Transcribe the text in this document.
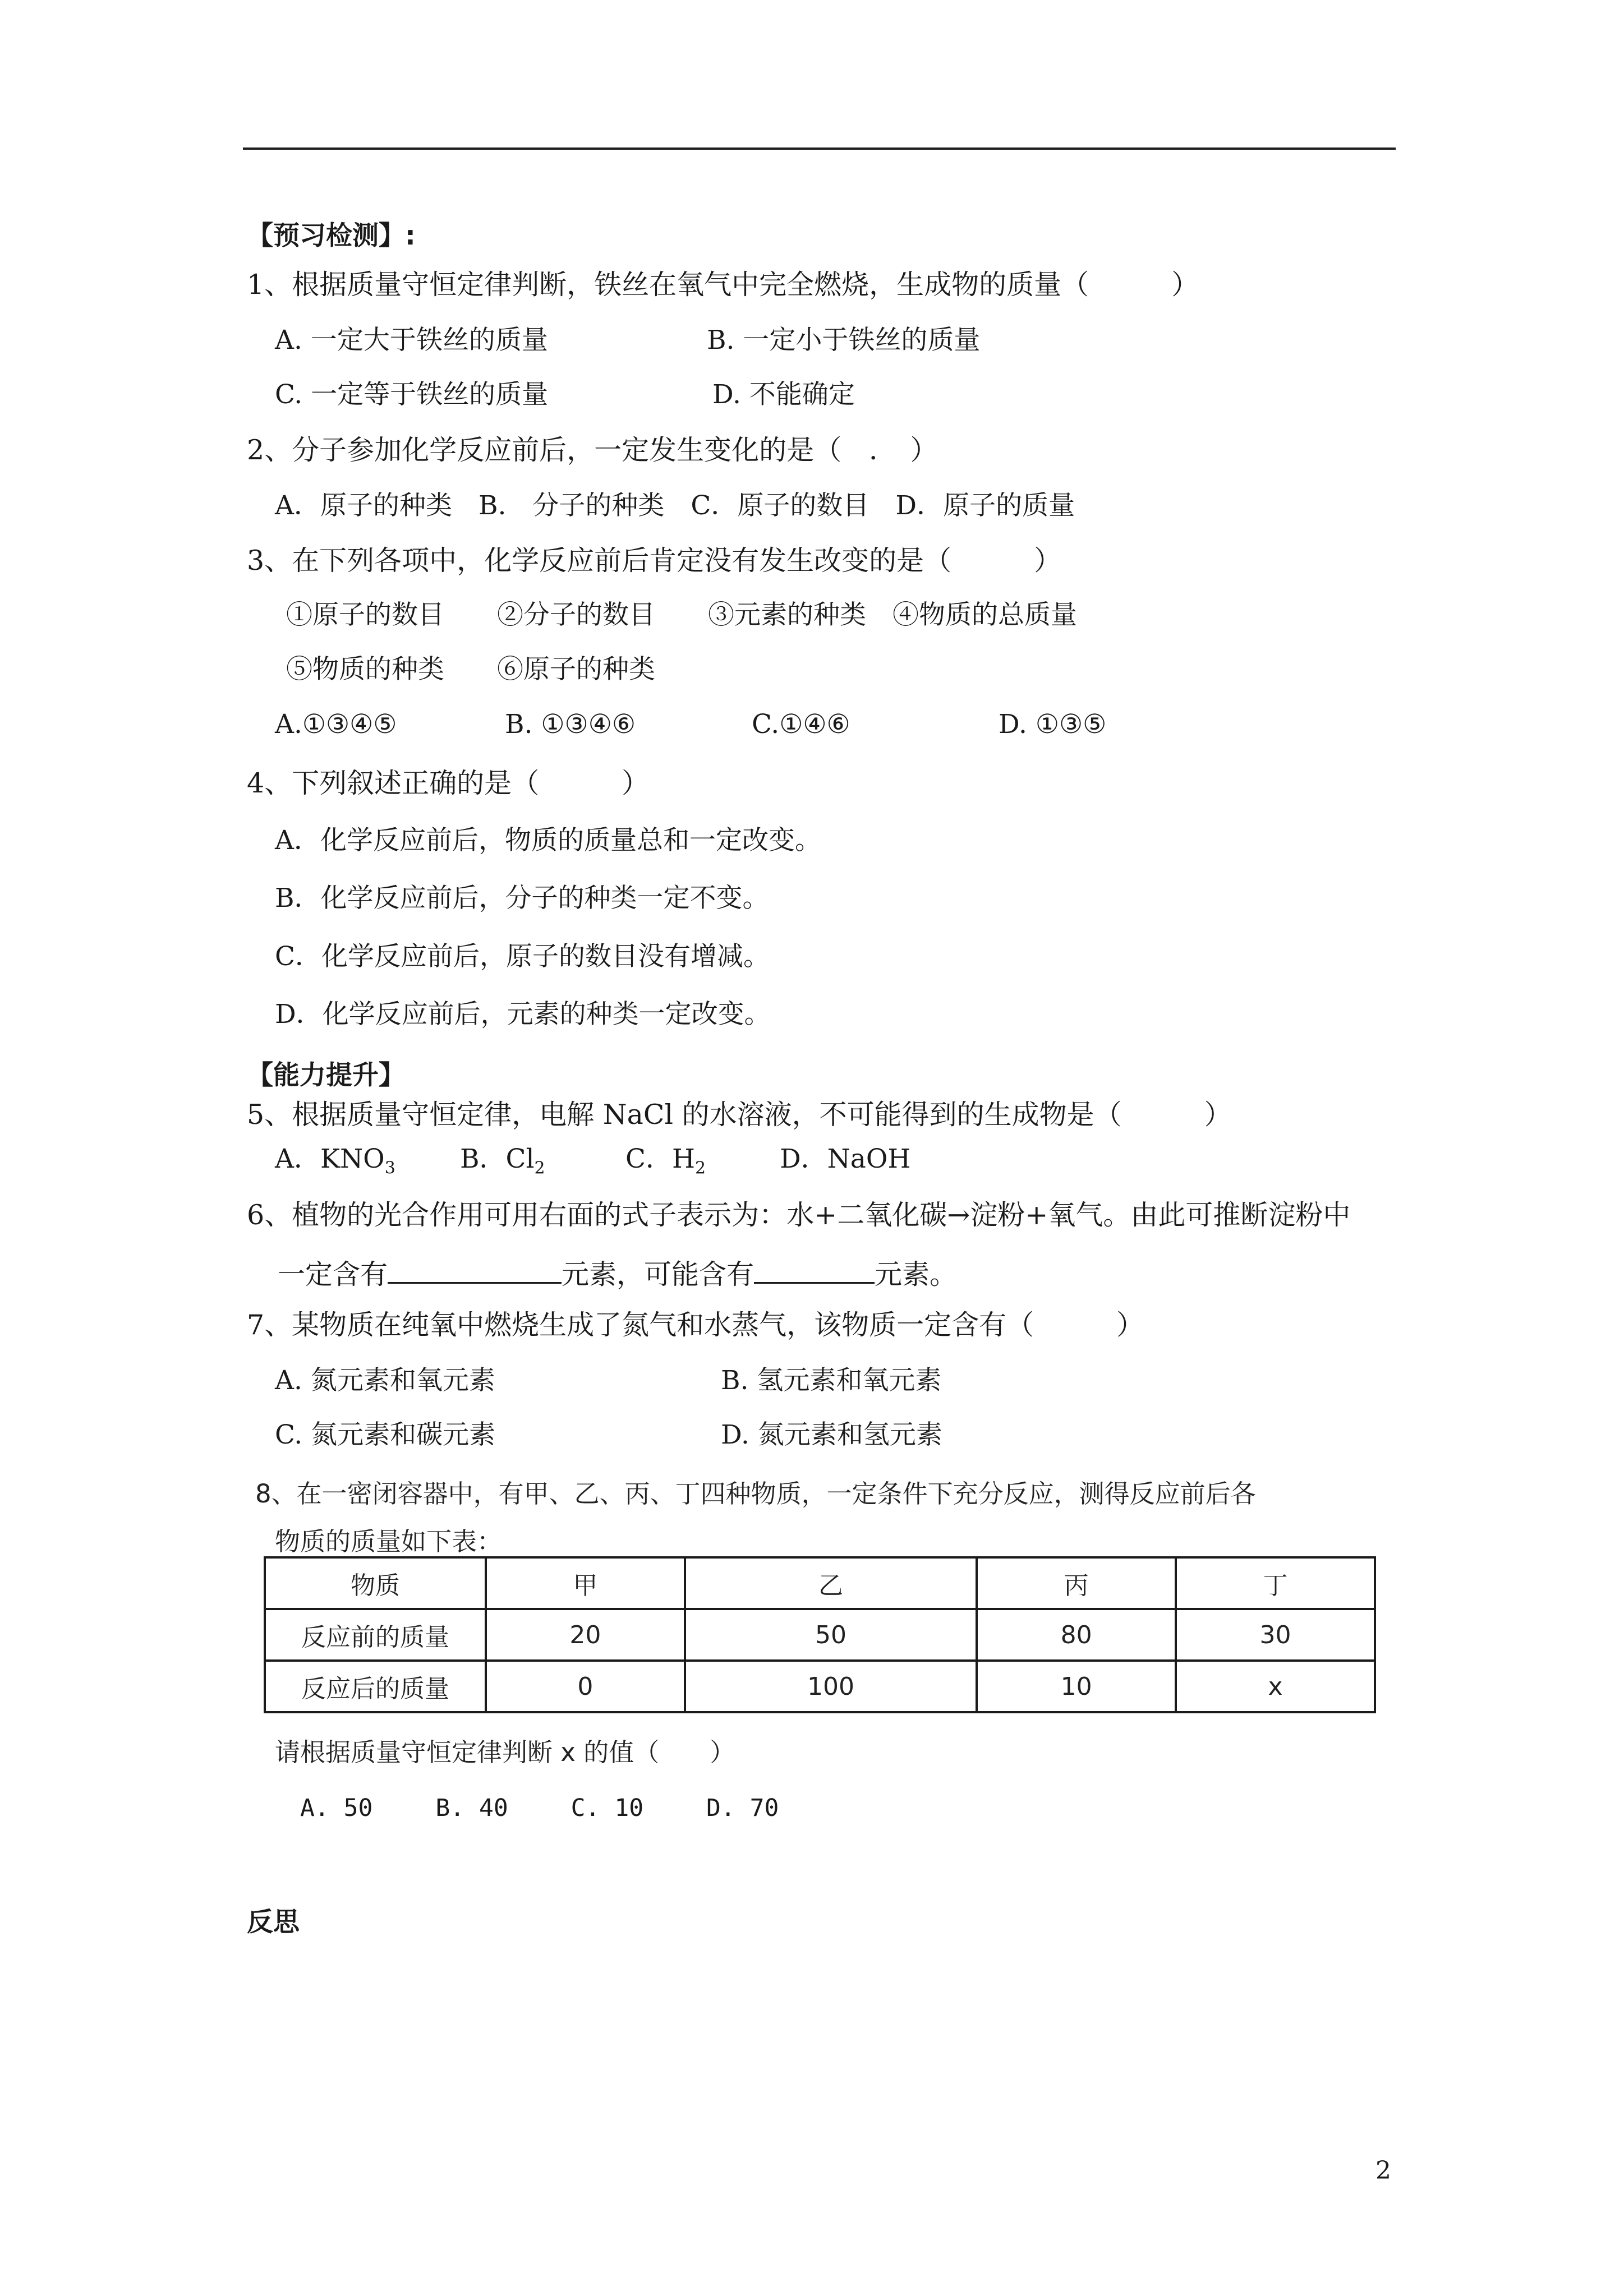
【预习检测】:
1、根据质量守恒定律判断，铁丝在氧气中完全燃烧，生成物的质量（　　　）
A. 一定大于铁丝的质量	B. 一定小于铁丝的质量
C. 一定等于铁丝的质量	D. 不能确定
2、分子参加化学反应前后，一定发生变化的是（　．　）
A．原子的种类　B.　分子的种类　C．原子的数目　D．原子的质量
3、在下列各项中，化学反应前后肯定没有发生改变的是（　　　）
①原子的数目　　②分子的数目　　③元素的种类　④物质的总质量
⑤物质的种类　　⑥原子的种类
A.①③④⑤	B. ①③④⑥	C.①④⑥	D. ①③⑤
4、下列叙述正确的是（　　　）
A．化学反应前后，物质的质量总和一定改变。
B．化学反应前后，分子的种类一定不变。
C．化学反应前后，原子的数目没有增减。
D．化学反应前后，元素的种类一定改变。
【能力提升】
5、根据质量守恒定律，电解 NaCl 的水溶液，不可能得到的生成物是（　　　）
A．$KNO_3$ B．$Cl_2$	C．$H_2$	D．NaOH
6、植物的光合作用可用右面的式子表示为：水+二氧化碳→淀粉+氧气。由此可推断淀粉中
一定含有	元素，可能含有	元素。
7、某物质在纯氧中燃烧生成了氮气和水蒸气，该物质一定含有（　　　）
A. 氮元素和氧元素	B. 氢元素和氧元素
C. 氮元素和碳元素	D. 氮元素和氢元素
8、在一密闭容器中，有甲、乙、丙、丁四种物质，一定条件下充分反应，测得反应前后各
物质的质量如下表：
物质	甲	乙	丙	丁
反应前的质量	20	50	80	30
反应后的质量	0	100	10	x
请根据质量守恒定律判断 x 的值（　　）
A. 50　　 B. 40　　 C. 10　　 D. 70
反思
2
